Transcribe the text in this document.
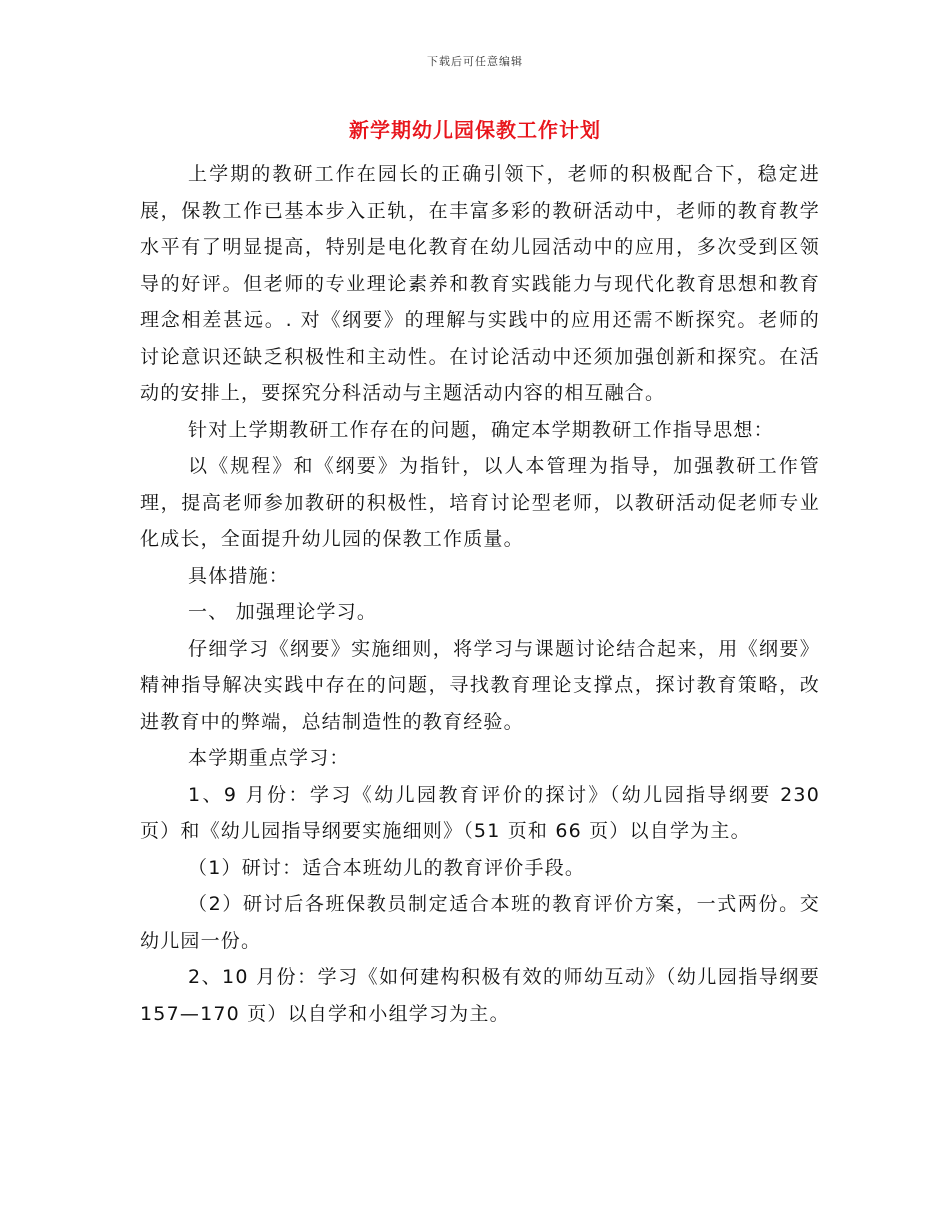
下载后可任意编辑
新学期幼儿园保教工作计划

上学期的教研工作在园长的正确引领下，老师的积极配合下，稳定进展，保教工作已基本步入正轨，在丰富多彩的教研活动中，老师的教育教学水平有了明显提高，特别是电化教育在幼儿园活动中的应用，多次受到区领导的好评。但老师的专业理论素养和教育实践能力与现代化教育思想和教育理念相差甚远。. 对《纲要》的理解与实践中的应用还需不断探究。老师的讨论意识还缺乏积极性和主动性。在讨论活动中还须加强创新和探究。在活动的安排上，要探究分科活动与主题活动内容的相互融合。

针对上学期教研工作存在的问题，确定本学期教研工作指导思想：

以《规程》和《纲要》为指针，以人本管理为指导，加强教研工作管理，提高老师参加教研的积极性，培育讨论型老师，以教研活动促老师专业化成长，全面提升幼儿园的保教工作质量。

具体措施：

一、 加强理论学习。

仔细学习《纲要》实施细则，将学习与课题讨论结合起来，用《纲要》精神指导解决实践中存在的问题，寻找教育理论支撑点，探讨教育策略，改进教育中的弊端，总结制造性的教育经验。

本学期重点学习：

1、9 月份：学习《幼儿园教育评价的探讨》（幼儿园指导纲要 230 页）和《幼儿园指导纲要实施细则》（51 页和 66 页）以自学为主。

（1）研讨：适合本班幼儿的教育评价手段。

（2）研讨后各班保教员制定适合本班的教育评价方案，一式两份。交幼儿园一份。

2、10 月份：学习《如何建构积极有效的师幼互动》（幼儿园指导纲要 157—170 页）以自学和小组学习为主。
